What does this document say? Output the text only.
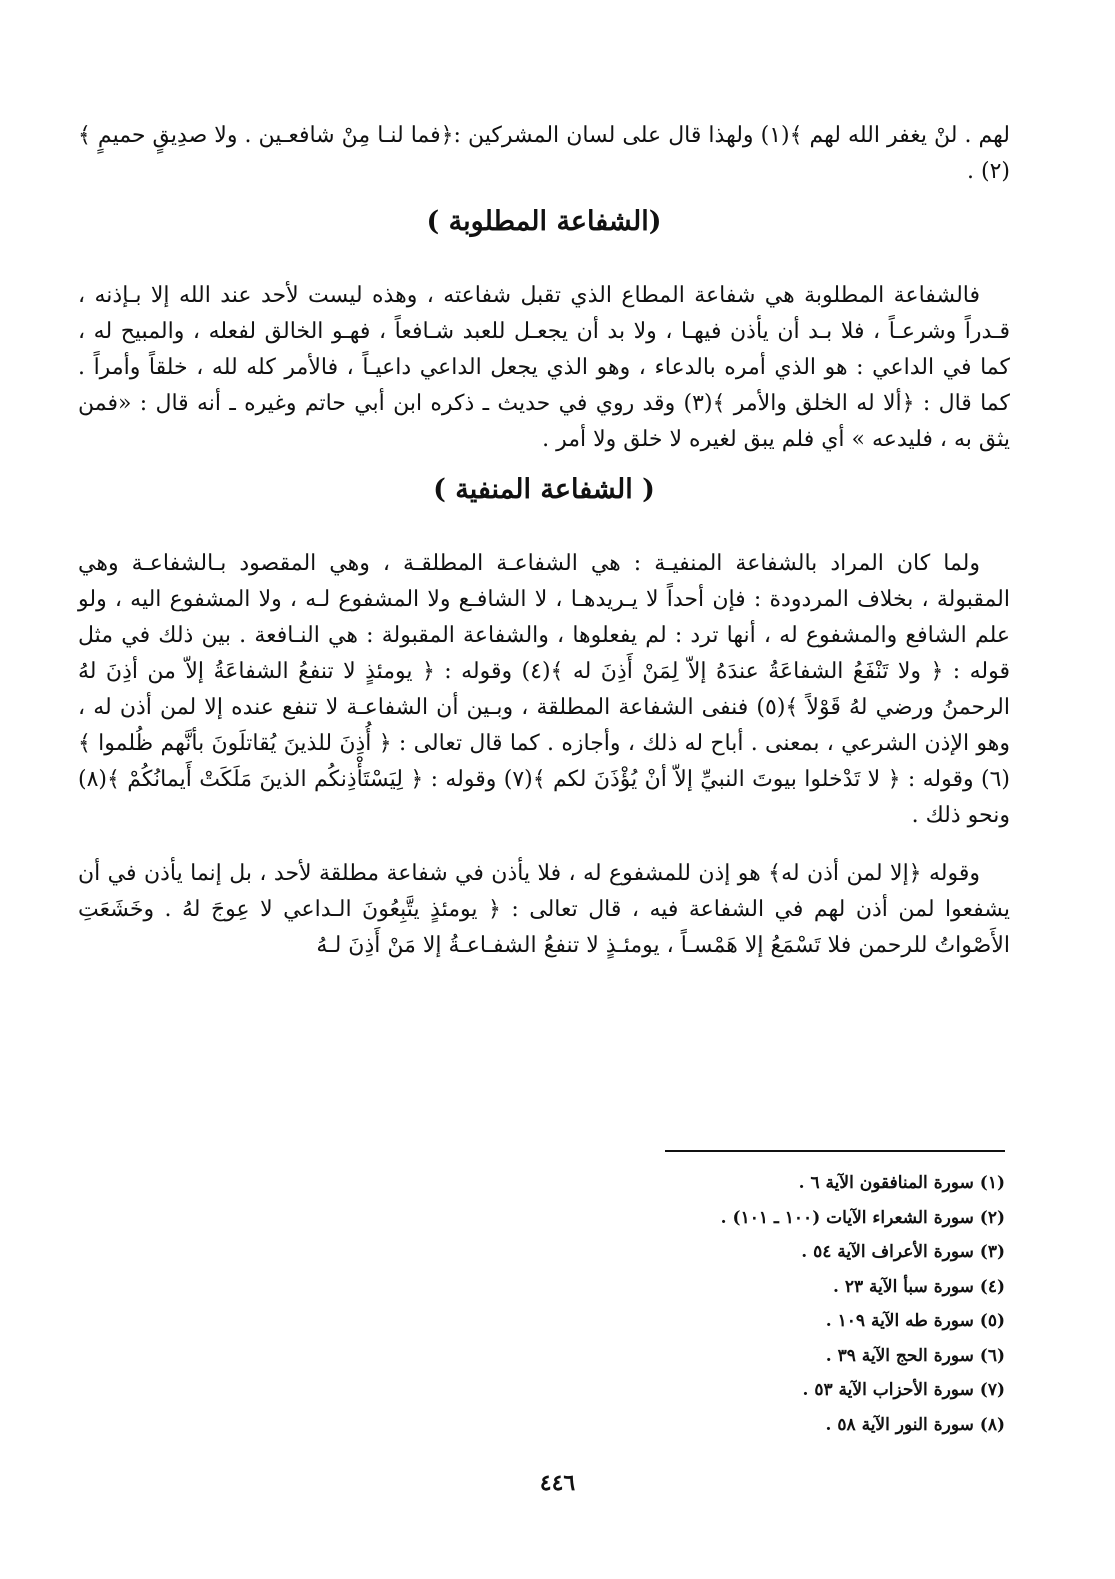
لهم . لنْ يغفر الله لهم ﴾(١) ولهذا قال على لسان المشركين :﴿فما لنـا مِنْ شافعـين . ولا صدِيقٍ حميمٍ ﴾(٢) .

(الشفاعة المطلوبة )

فالشفاعة المطلوبة هي شفاعة المطاع الذي تقبل شفاعته ، وهذه ليست لأحد عند الله إلا بـإذنه ، قـدراً وشرعـاً ، فلا بـد أن يأذن فيهـا ، ولا بد أن يجعـل للعبد شـافعاً ، فهـو الخالق لفعله ، والمبيح له ، كما في الداعي : هو الذي أمره بالدعاء ، وهو الذي يجعل الداعي داعيـاً ، فالأمر كله لله ، خلقاً وأمراً . كما قال : ﴿ألا له الخلق والأمر ﴾(٣) وقد روي في حديث ـ ذكره ابن أبي حاتم وغيره ـ أنه قال : «فمن يثق به ، فليدعه » أي فلم يبق لغيره لا خلق ولا أمر .

( الشفاعة المنفية )

ولما كان المراد بالشفاعة المنفيـة : هي الشفاعـة المطلقـة ، وهي المقصود بـالشفاعـة وهي المقبولة ، بخلاف المردودة : فإن أحداً لا يـريدهـا ، لا الشافـع ولا المشفوع لـه ، ولا المشفوع اليه ، ولو علم الشافع والمشفوع له ، أنها ترد : لم يفعلوها ، والشفاعة المقبولة : هي النـافعة . بين ذلك في مثل قوله : ﴿ ولا تَنْفَعُ الشفاعَةُ عندَهُ إلاّ لِمَنْ أَذِنَ له ﴾(٤) وقوله : ﴿ يومئذٍ لا تنفعُ الشفاعَةُ إلاّ من أذِنَ لهُ الرحمنُ ورضي لهُ قَوْلاً ﴾(٥) فنفى الشفاعة المطلقة ، وبـين أن الشفاعـة لا تنفع عنده إلا لمن أذن له ، وهو الإذن الشرعي ، بمعنى . أباح له ذلك ، وأجازه . كما قال تعالى : ﴿ أُذِنَ للذينَ يُقاتلَونَ بأنَّهم ظُلموا ﴾(٦) وقوله : ﴿ لا تَدْخلوا بيوتَ النبيِّ إلاّ أنْ يُؤْذَنَ لكم ﴾(٧) وقوله : ﴿ لِيَسْتَأْذِنكُم الذينَ مَلَكَتْ أَيمانُكُمْ ﴾(٨) ونحو ذلك .

وقوله ﴿إلا لمن أذن له﴾ هو إذن للمشفوع له ، فلا يأذن في شفاعة مطلقة لأحد ، بل إنما يأذن في أن يشفعوا لمن أذن لهم في الشفاعة فيه ، قال تعالى : ﴿ يومئذٍ يتَّبِعُونَ الـداعي لا عِوجَ لهُ . وخَشَعَتِ الأَصْواتُ للرحمن فلا تَسْمَعُ إلا هَمْسـاً ، يومئـذٍ لا تنفعُ الشفـاعـةُ إلا مَنْ أَذِنَ لـهُ

(١) سورة المنافقون الآية ٦ .
(٢) سورة الشعراء الآيات (١٠٠ ـ ١٠١) .
(٣) سورة الأعراف الآية ٥٤ .
(٤) سورة سبأ الآية ٢٣ .
(٥) سورة طه الآية ١٠٩ .
(٦) سورة الحج الآية ٣٩ .
(٧) سورة الأحزاب الآية ٥٣ .
(٨) سورة النور الآية ٥٨ .
٤٤٦
